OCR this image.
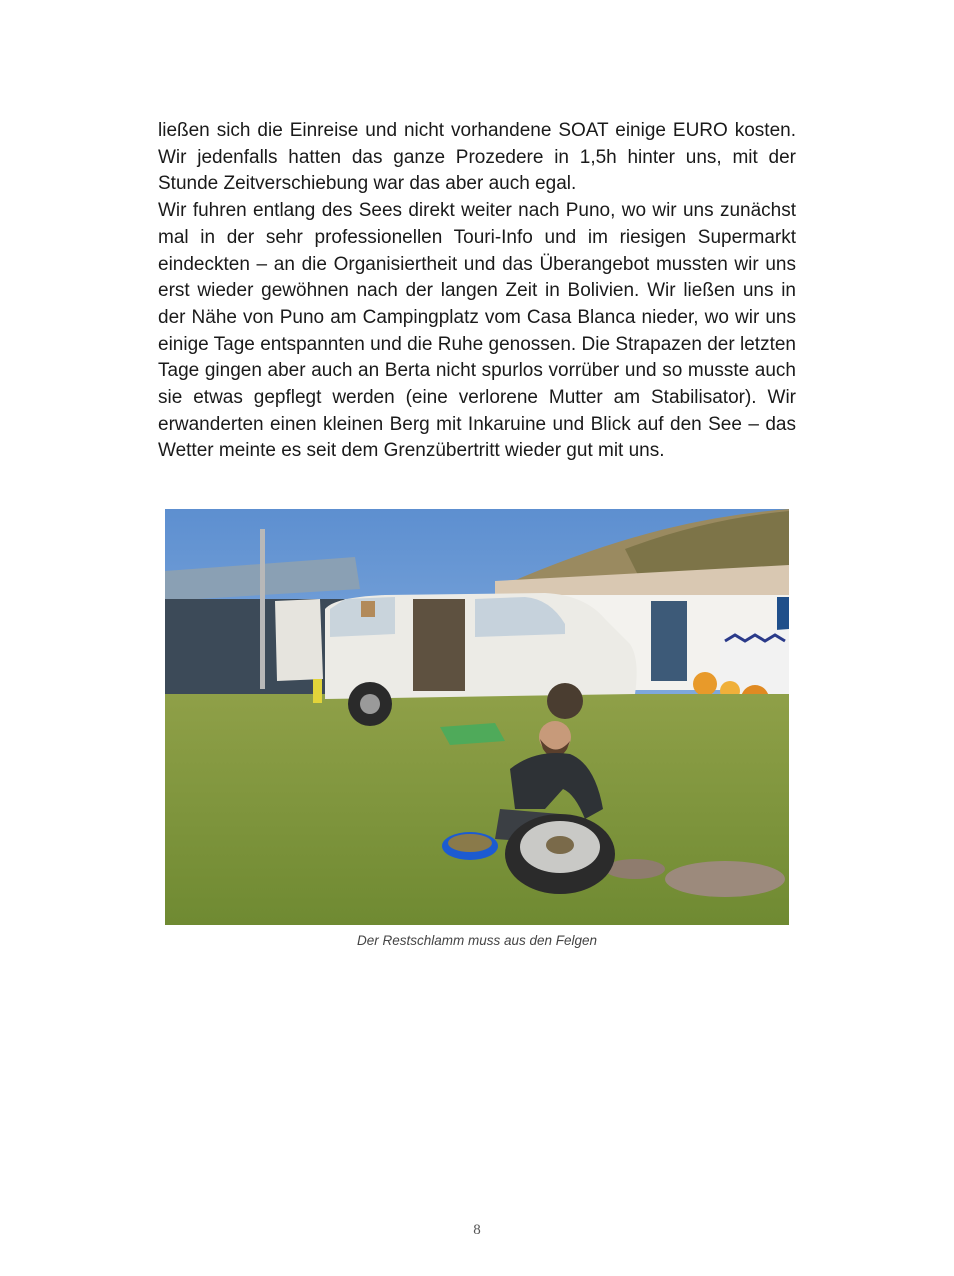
ließen sich die Einreise und nicht vorhandene SOAT einige EURO kosten. Wir jedenfalls hatten das ganze Prozedere in 1,5h hinter uns, mit der Stunde Zeitverschiebung war das aber auch egal.

Wir fuhren entlang des Sees direkt weiter nach Puno, wo wir uns zunächst mal in der sehr professionellen Touri-Info und im riesigen Supermarkt eindeckten – an die Organisiertheit und das Überangebot mussten wir uns erst wieder gewöhnen nach der langen Zeit in Bolivien. Wir ließen uns in der Nähe von Puno am Campingplatz vom Casa Blanca nieder, wo wir uns einige Tage entspannten und die Ruhe genossen. Die Strapazen der letzten Tage gingen aber auch an Berta nicht spurlos vorrüber und so musste auch sie etwas gepflegt werden (eine verlorene Mutter am Stabilisator). Wir erwanderten einen kleinen Berg mit Inkaruine und Blick auf den See – das Wetter meinte es seit dem Grenzübertritt wieder gut mit uns.

Der Restschlamm muss aus den Felgen
8
